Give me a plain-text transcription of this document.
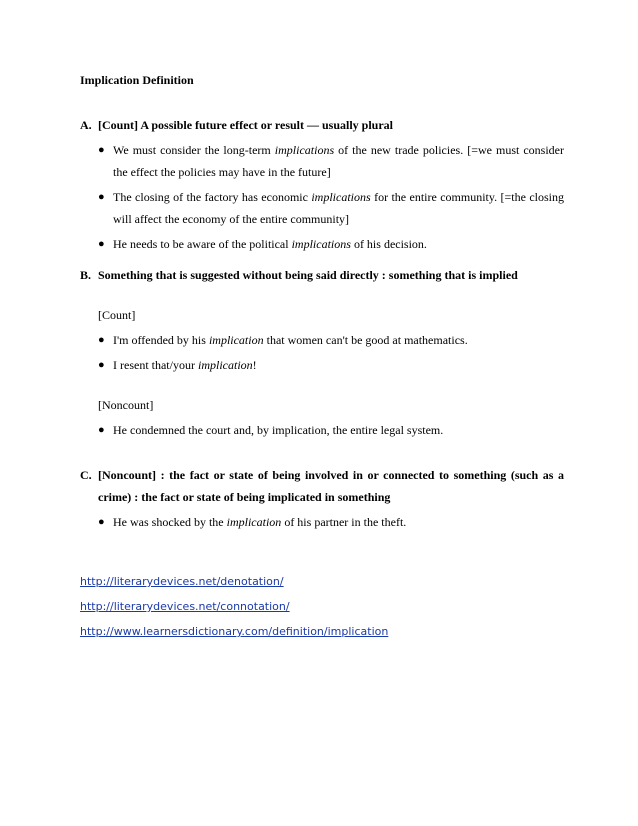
Implication Definition
A. [Count] A possible future effect or result — usually plural
● We must consider the long-term implications of the new trade policies. [=we must consider the effect the policies may have in the future]
● The closing of the factory has economic implications for the entire community. [=the closing will affect the economy of the entire community]
● He needs to be aware of the political implications of his decision.
B. Something that is suggested without being said directly : something that is implied
[Count]
● I'm offended by his implication that women can't be good at mathematics.
● I resent that/your implication!
[Noncount]
● He condemned the court and, by implication, the entire legal system.
C. [Noncount] : the fact or state of being involved in or connected to something (such as a crime) : the fact or state of being implicated in something
● He was shocked by the implication of his partner in the theft.
http://literarydevices.net/denotation/
http://literarydevices.net/connotation/
http://www.learnersdictionary.com/definition/implication
